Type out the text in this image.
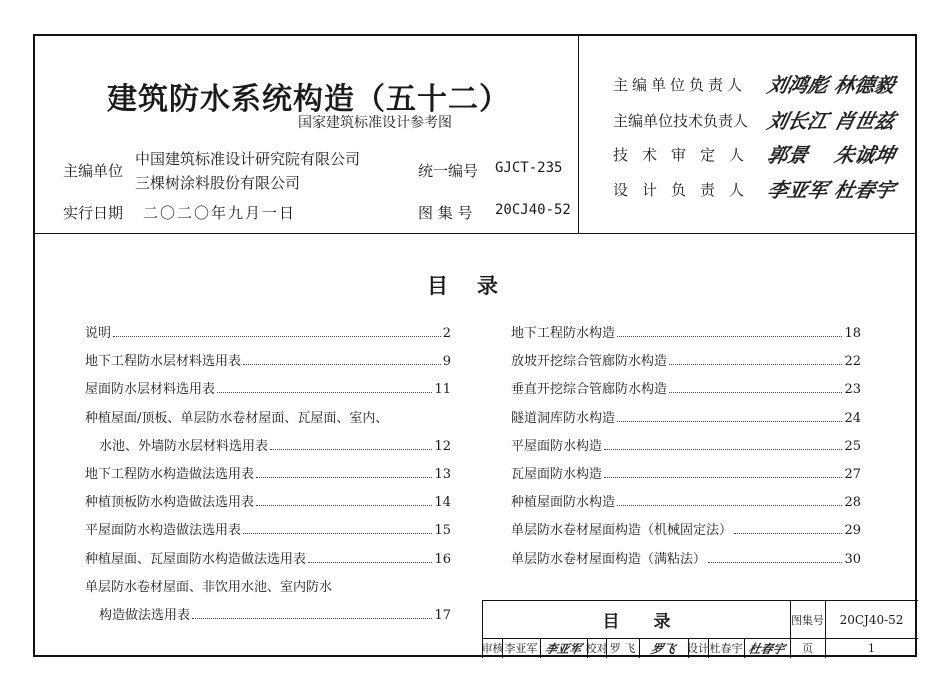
建筑防水系统构造（五十二）
国家建筑标准设计参考图
主编单位
中国建筑标准设计研究院有限公司
三棵树涂料股份有限公司
统一编号 GJCT-235
实行日期 二〇二〇年九月一日	图 集 号 20CJ40-52
主编单位负责人 刘鸿彪 林德毅
主编单位技术负责人 刘长江 肖世兹
技术审定人 郭景 朱诚坤
设计负责人 李亚军 杜春宇
目　录
说明	2
地下工程防水层材料选用表	9
屋面防水层材料选用表	11
种植屋面/顶板、单层防水卷材屋面、瓦屋面、室内、
水池、外墙防水层材料选用表	12
地下工程防水构造做法选用表	13
种植顶板防水构造做法选用表	14
平屋面防水构造做法选用表	15
种植屋面、瓦屋面防水构造做法选用表	16
单层防水卷材屋面、非饮用水池、室内防水
构造做法选用表	17
地下工程防水构造	18
放坡开挖综合管廊防水构造	22
垂直开挖综合管廊防水构造	23
隧道洞库防水构造	24
平屋面防水构造	25
瓦屋面防水构造	27
种植屋面防水构造	28
单层防水卷材屋面构造（机械固定法）	29
单层防水卷材屋面构造（满粘法）	30
目　　录	图集号	20CJ40-52
审核 李亚军 李亚军 校对 罗 飞	罗飞 设计 杜春宇 杜春宇	页	1
